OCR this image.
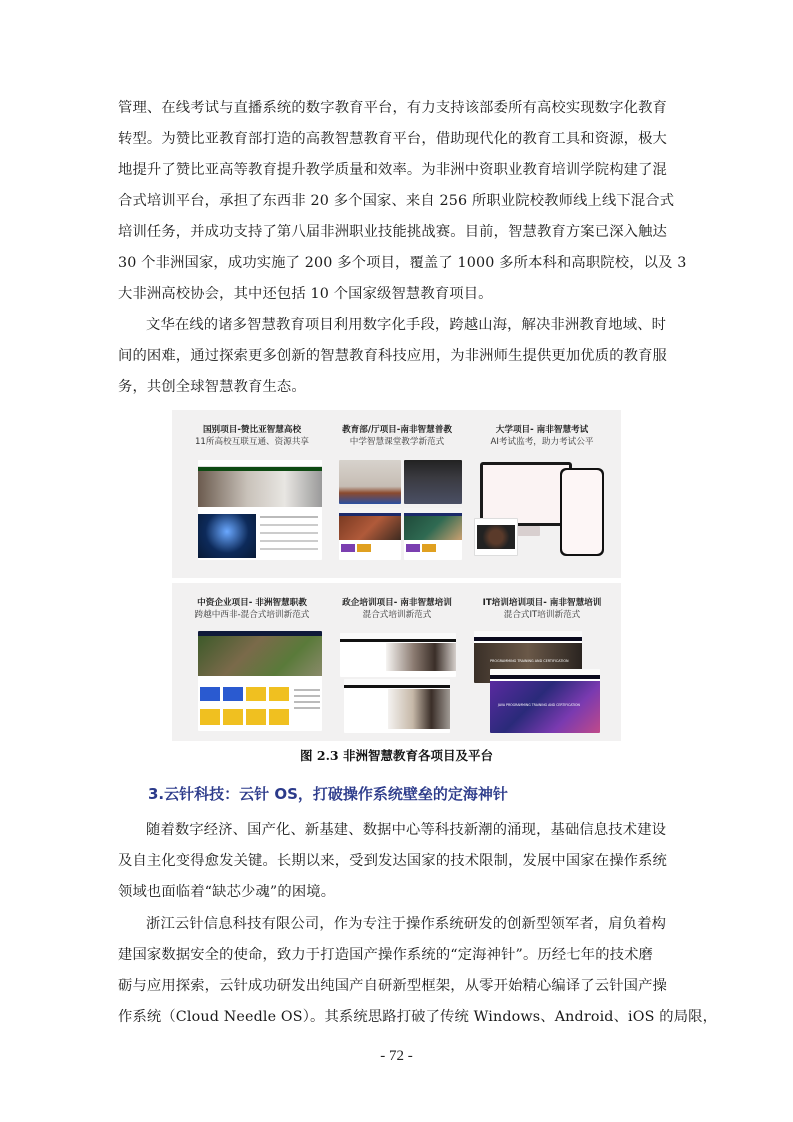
管理、在线考试与直播系统的数字教育平台，有力支持该部委所有高校实现数字化教育
转型。为赞比亚教育部打造的高教智慧教育平台，借助现代化的教育工具和资源，极大
地提升了赞比亚高等教育提升教学质量和效率。为非洲中资职业教育培训学院构建了混
合式培训平台，承担了东西非 20 多个国家、来自 256 所职业院校教师线上线下混合式
培训任务，并成功支持了第八届非洲职业技能挑战赛。目前，智慧教育方案已深入触达
30 个非洲国家，成功实施了 200 多个项目，覆盖了 1000 多所本科和高职院校，以及 3
大非洲高校协会，其中还包括 10 个国家级智慧教育项目。
文华在线的诸多智慧教育项目利用数字化手段，跨越山海，解决非洲教育地域、时
间的困难，通过探索更多创新的智慧教育科技应用，为非洲师生提供更加优质的教育服
务，共创全球智慧教育生态。
国别项目-赞比亚智慧高校
11所高校互联互通、资源共享
教育部/厅项目-南非智慧普教
中学智慧课堂教学新范式
大学项目- 南非智慧考试
AI考试监考，助力考试公平
中资企业项目- 非洲智慧职教
跨越中西非-混合式培训新范式
政企培训项目- 南非智慧培训
混合式培训新范式
IT培训培训项目- 南非智慧培训
混合式IT培训新范式
PROGRAMMING TRAINING AND CERTIFICATION
JAVA PROGRAMMING TRAINING AND CERTIFICATION
图 2.3 非洲智慧教育各项目及平台
3.云针科技：云针 OS，打破操作系统壁垒的定海神针
随着数字经济、国产化、新基建、数据中心等科技新潮的涌现，基础信息技术建设
及自主化变得愈发关键。长期以来，受到发达国家的技术限制，发展中国家在操作系统
领域也面临着“缺芯少魂”的困境。
浙江云针信息科技有限公司，作为专注于操作系统研发的创新型领军者，肩负着构
建国家数据安全的使命，致力于打造国产操作系统的“定海神针”。历经七年的技术磨
砺与应用探索，云针成功研发出纯国产自研新型框架，从零开始精心编译了云针国产操
作系统（Cloud Needle OS）。其系统思路打破了传统 Windows、Android、iOS 的局限，
- 72 -
